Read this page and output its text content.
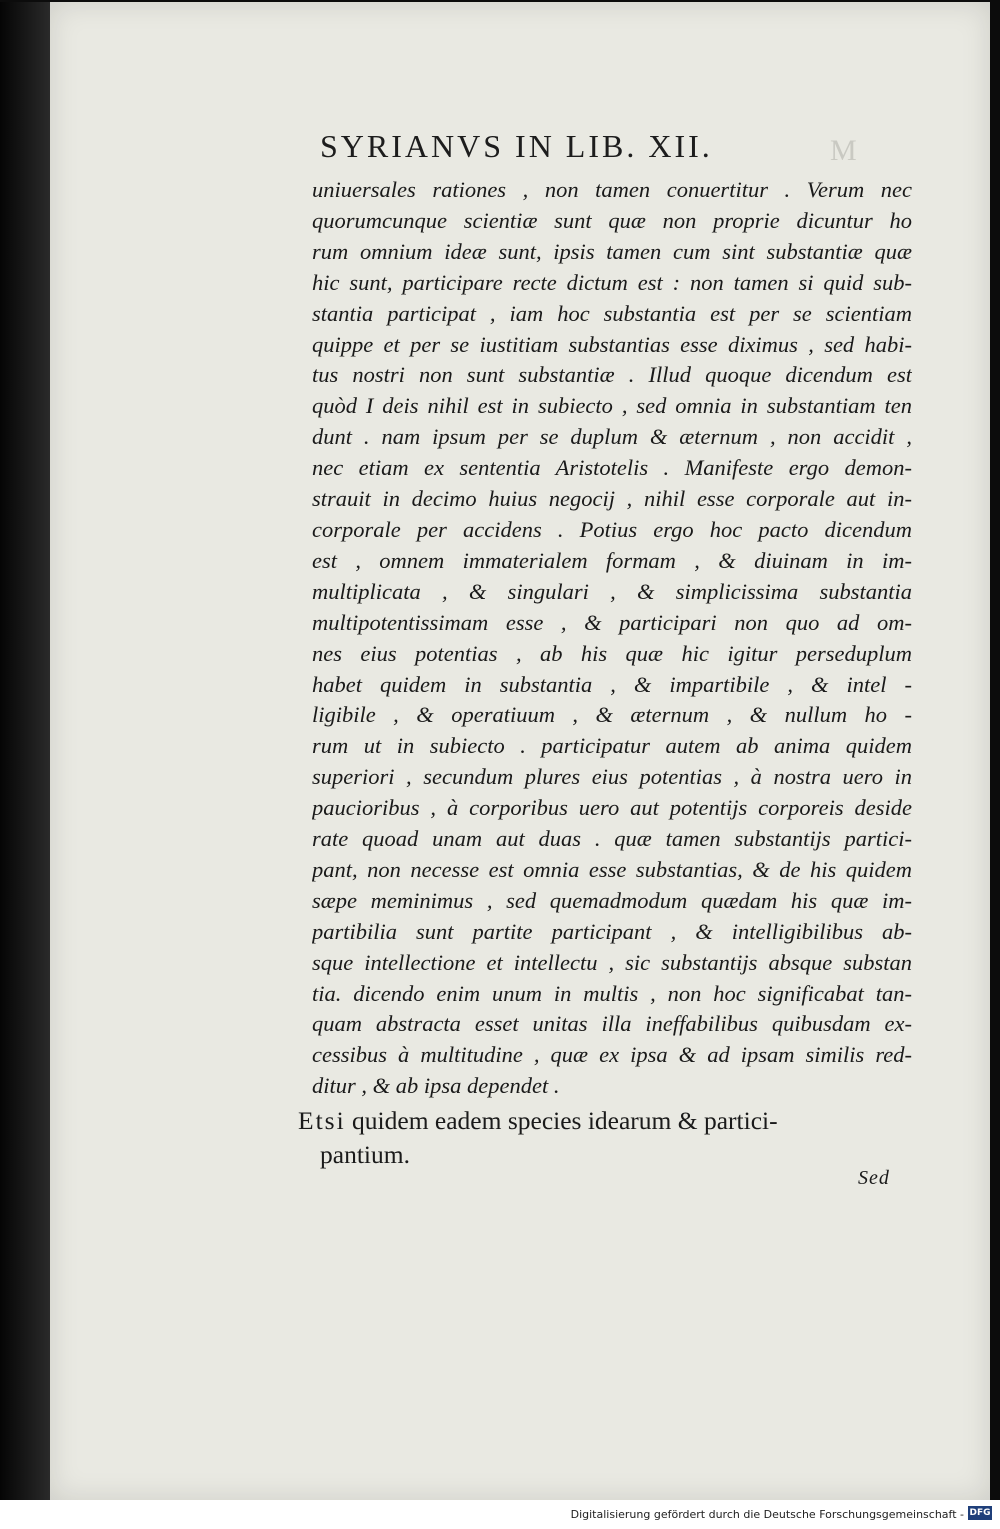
M
SYRIANVS IN LIB. XII.
uniuersales rationes , non tamen conuertitur . Verum nec
quorumcunque scientiæ sunt quæ non proprie dicuntur ho
rum omnium ideæ sunt, ipsis tamen cum sint substantiæ quæ
hic sunt, participare recte dictum est : non tamen si quid sub-
stantia participat , iam hoc substantia est per se scientiam
quippe et per se iustitiam substantias esse diximus , sed habi-
tus nostri non sunt substantiæ . Illud quoque dicendum est
quòd I deis nihil est in subiecto , sed omnia in substantiam ten
dunt . nam ipsum per se duplum & æternum , non accidit ,
nec etiam ex sententia Aristotelis . Manifeste ergo demon-
strauit in decimo huius negocij , nihil esse corporale aut in-
corporale per accidens . Potius ergo hoc pacto dicendum
est , omnem immaterialem formam , & diuinam in im-
multiplicata , & singulari , & simplicissima substantia
multipotentissimam esse , & participari non quo ad om-
nes eius potentias , ab his quæ hic igitur perseduplum
habet quidem in substantia , & impartibile , & intel -
ligibile , & operatiuum , & æternum , & nullum ho -
rum ut in subiecto . participatur autem ab anima quidem
superiori , secundum plures eius potentias , à nostra uero in
paucioribus , à corporibus uero aut potentijs corporeis deside
rate quoad unam aut duas . quæ tamen substantijs partici-
pant, non necesse est omnia esse substantias, & de his quidem
sæpe meminimus , sed quemadmodum quædam his quæ im-
partibilia sunt partite participant , & intelligibilibus ab-
sque intellectione et intellectu , sic substantijs absque substan
tia. dicendo enim unum in multis , non hoc significabat tan-
quam abstracta esset unitas illa ineffabilibus quibusdam ex-
cessibus à multitudine , quæ ex ipsa & ad ipsam similis red-
ditur , & ab ipsa dependet .
Etsi quidem eadem species idearum & partici-
pantium.
Sed
Digitalisierung gefördert durch die Deutsche Forschungsgemeinschaft - DFG
